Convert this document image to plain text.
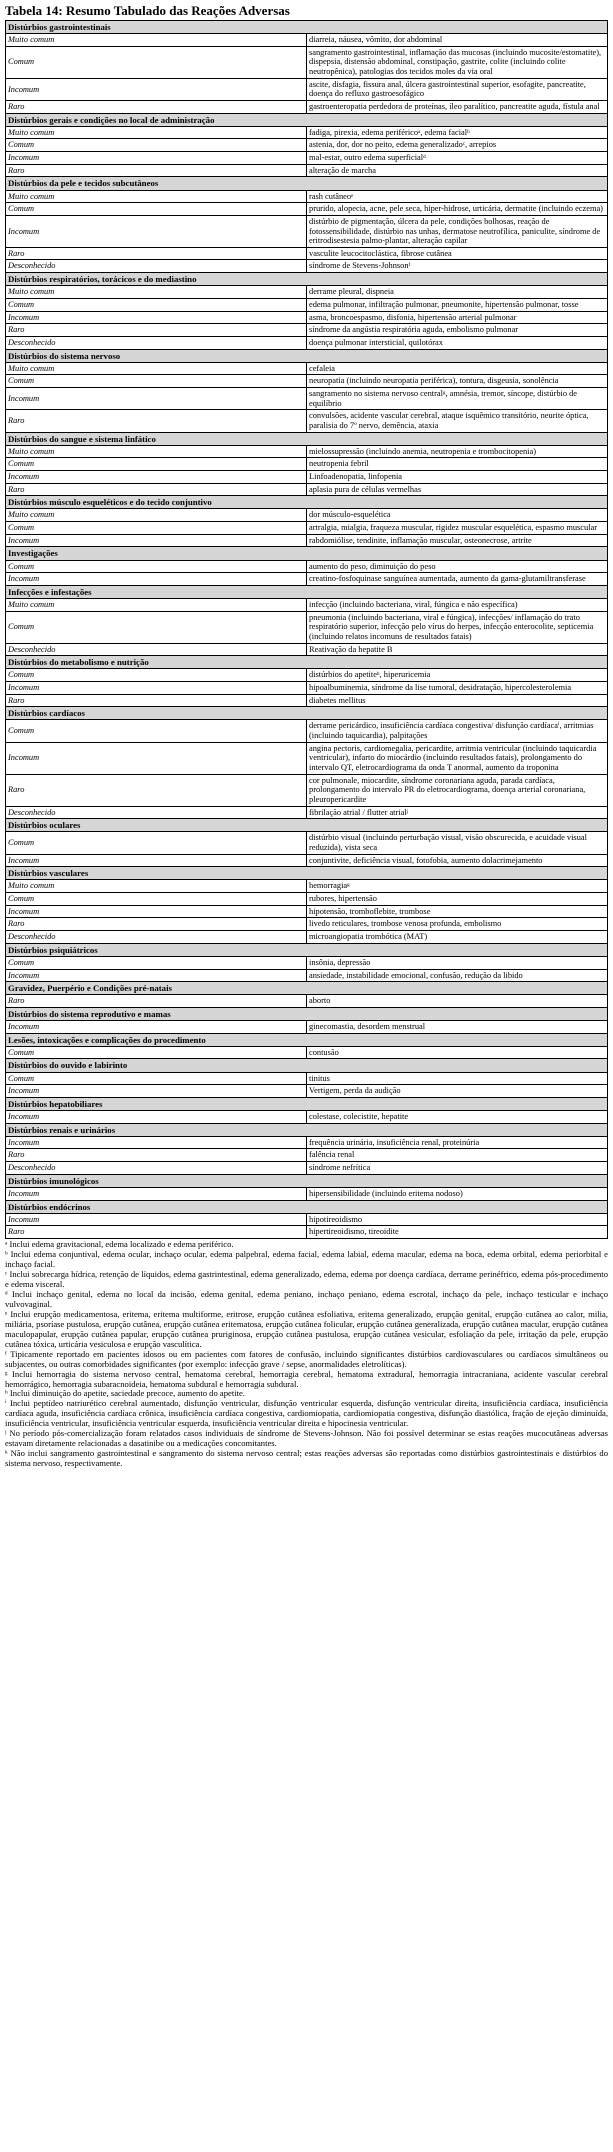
Tabela 14: Resumo Tabulado das Reações Adversas
Distúrbios gastrointestinais	
Muito comum	diarreia, náusea, vômito, dor abdominal
Comum	sangramento gastrointestinal, inflamação das mucosas (incluindo mucosite/estomatite), dispepsia, distensão abdominal, constipação, gastrite, colite (incluindo colite neutropênica), patologias dos tecidos moles da via oral
Incomum	ascite, disfagia, fissura anal, úlcera gastrointestinal superior, esofagite, pancreatite, doença do refluxo gastroesofágico
Raro	gastroenteropatia perdedora de proteínas, íleo paralítico, pancreatite aguda, fístula anal
Distúrbios gerais e condições no local de administração	
Muito comum	fadiga, pirexia, edema periféricoᵃ, edema facialᵇ
Comum	astenia, dor, dor no peito, edema generalizadoᶜ, arrepios
Incomum	mal-estar, outro edema superficialᵈ
Raro	alteração de marcha
Distúrbios da pele e tecidos subcutâneos	
Muito comum	rash cutâneoᵉ
Comum	prurido, alopecia, acne, pele seca, hiper-hidrose, urticária, dermatite (incluindo eczema)
Incomum	distúrbio de pigmentação, úlcera da pele, condições bolhosas, reação de fotossensibilidade, distúrbio nas unhas, dermatose neutrofílica, paniculite, síndrome de eritrodisestesia palmo-plantar, alteração capilar
Raro	vasculite leucocitoclástica, fibrose cutânea
Desconhecido	síndrome de Stevens-Johnsonᶠ
Distúrbios respiratórios, torácicos e do mediastino	
Muito comum	derrame pleural, dispneia
Comum	edema pulmonar, infiltração pulmonar, pneumonite, hipertensão pulmonar, tosse
Incomum	asma, broncoespasmo, disfonia, hipertensão arterial pulmonar
Raro	síndrome da angústia respiratória aguda, embolismo pulmonar
Desconhecido	doença pulmonar intersticial, quilotórax
Distúrbios do sistema nervoso	
Muito comum	cefaleia
Comum	neuropatia (incluindo neuropatia periférica), tontura, disgeusia, sonolência
Incomum	sangramento no sistema nervoso centralᵍ, amnésia, tremor, síncope, distúrbio de equilíbrio
Raro	convulsões, acidente vascular cerebral, ataque isquêmico transitório, neurite óptica, paralisia do 7º nervo, demência, ataxia
Distúrbios do sangue e sistema linfático	
Muito comum	mielossupressão (incluindo anemia, neutropenia e trombocitopenia)
Comum	neutropenia febril
Incomum	Linfoadenopatia, linfopenia
Raro	aplasia pura de células vermelhas
Distúrbios músculo esqueléticos e do tecido conjuntivo	
Muito comum	dor músculo-esquelética
Comum	artralgia, mialgia, fraqueza muscular, rigidez muscular esquelética, espasmo muscular
Incomum	rabdomiólise, tendinite, inflamação muscular, osteonecrose, artrite
Investigações	
Comum	aumento do peso, diminuição do peso
Incomum	creatino-fosfoquinase sanguínea aumentada, aumento da gama-glutamiltransferase
Infecções e infestações	
Muito comum	infecção (incluindo bacteriana, viral, fúngica e não específica)
Comum	pneumonia (incluindo bacteriana, viral e fúngica), infecções/ inflamação do trato respiratório superior, infecção pelo vírus do herpes, infecção enterocolite, septicemia (incluindo relatos incomuns de resultados fatais)
Desconhecido	Reativação da hepatite B
Distúrbios do metabolismo e nutrição	
Comum	distúrbios do apetiteʰ, hiperuricemia
Incomum	hipoalbuminemia, síndrome da lise tumoral, desidratação, hipercolesterolemia
Raro	diabetes mellitus
Distúrbios cardíacos	
Comum	derrame pericárdico, insuficiência cardíaca congestiva/ disfunção cardíacaⁱ, arritmias (incluindo taquicardia), palpitações
Incomum	angina pectoris, cardiomegalia, pericardite, arritmia ventricular (incluindo taquicardia ventricular), infarto do miocárdio (incluindo resultados fatais), prolongamento do intervalo QT, eletrocardiograma da onda T anormal, aumento da troponina
Raro	cor pulmonale, miocardite, síndrome coronariana aguda, parada cardíaca, prolongamento do intervalo PR do eletrocardiograma, doença arterial coronariana, pleuropericardite
Desconhecido	fibrilação atrial / flutter atrialʲ
Distúrbios oculares	
Comum	distúrbio visual (incluindo perturbação visual, visão obscurecida, e acuidade visual reduzida), vista seca
Incomum	conjuntivite, deficiência visual, fotofobia, aumento dolacrimejamento
Distúrbios vasculares	
Muito comum	hemorragiaᵍ
Comum	rubores, hipertensão
Incomum	hipotensão, tromboflebite, trombose
Raro	livedo reticulares, trombose venosa profunda, embolismo
Desconhecido	microangiopatia trombótica (MAT)
Distúrbios psiquiátricos	
Comum	insônia, depressão
Incomum	ansiedade, instabilidade emocional, confusão, redução da libido
Gravidez, Puerpério e Condições pré-natais	
Raro	aborto
Distúrbios do sistema reprodutivo e mamas	
Incomum	ginecomastia, desordem menstrual
Lesões, intoxicações e complicações do procedimento	
Comum	contusão
Distúrbios do ouvido e labirinto	
Comum	tinitus
Incomum	Vertigem, perda da audição
Distúrbios hepatobiliares	
Incomum	colestase, colecistite, hepatite
Distúrbios renais e urinários	
Incomum	frequência urinária, insuficiência renal, proteinúria
Raro	falência renal
Desconhecido	síndrome nefrítica
Distúrbios imunológicos	
Incomum	hipersensibilidade (incluindo eritema nodoso)
Distúrbios endócrinos	
Incomum	hipotireoidismo
Raro	hipertireoidismo, tireoidite

ᵃ Inclui edema gravitacional, edema localizado e edema periférico.

ᵇ Inclui edema conjuntival, edema ocular, inchaço ocular, edema palpebral, edema facial, edema labial, edema macular, edema na boca, edema orbital, edema periorbital e inchaço facial.

ᶜ Inclui sobrecarga hídrica, retenção de líquidos, edema gastrintestinal, edema generalizado, edema, edema por doença cardíaca, derrame perinéfrico, edema pós-procedimento e edema visceral.

ᵈ Inclui inchaço genital, edema no local da incisão, edema genital, edema peniano, inchaço peniano, edema escrotal, inchaço da pele, inchaço testicular e inchaço vulvovaginal.

ᵉ Inclui erupção medicamentosa, eritema, eritema multiforme, eritrose, erupção cutânea esfoliativa, eritema generalizado, erupção genital, erupção cutânea ao calor, milia, miliária, psoríase pustulosa, erupção cutânea, erupção cutânea eritematosa, erupção cutânea folicular, erupção cutânea generalizada, erupção cutânea macular, erupção cutânea maculopapular, erupção cutânea papular, erupção cutânea pruriginosa, erupção cutânea pustulosa, erupção cutânea vesicular, esfoliação da pele, irritação da pele, erupção cutânea tóxica, urticária vesiculosa e erupção vasculítica.

ᶠ Tipicamente reportado em pacientes idosos ou em pacientes com fatores de confusão, incluindo significantes distúrbios cardiovasculares ou cardíacos simultâneos ou subjacentes, ou outras comorbidades significantes (por exemplo: infecção grave / sepse, anormalidades eletrolíticas).

ᵍ Inclui hemorragia do sistema nervoso central, hematoma cerebral, hemorragia cerebral, hematoma extradural, hemorragia intracraniana, acidente vascular cerebral hemorrágico, hemorragia subaracnoideia, hematoma subdural e hemorragia subdural.

ʰ Inclui diminuição do apetite, saciedade precoce, aumento do apetite.

ⁱ Inclui peptídeo natriurético cerebral aumentado, disfunção ventricular, disfunção ventricular esquerda, disfunção ventricular direita, insuficiência cardíaca, insuficiência cardíaca aguda, insuficiência cardíaca crônica, insuficiência cardíaca congestiva, cardiomiopatia, cardiomiopatia congestiva, disfunção diastólica, fração de ejeção diminuída, insuficiência ventricular, insuficiência ventricular esquerda, insuficiência ventricular direita e hipocinesia ventricular.

ʲ No período pós-comercialização foram relatados casos individuais de síndrome de Stevens-Johnson. Não foi possível determinar se estas reações mucocutâneas adversas estavam diretamente relacionadas a dasatinibe ou a medicações concomitantes.

ᵏ Não inclui sangramento gastrointestinal e sangramento do sistema nervoso central; estas reações adversas são reportadas como distúrbios gastrointestinais e distúrbios do sistema nervoso, respectivamente.
